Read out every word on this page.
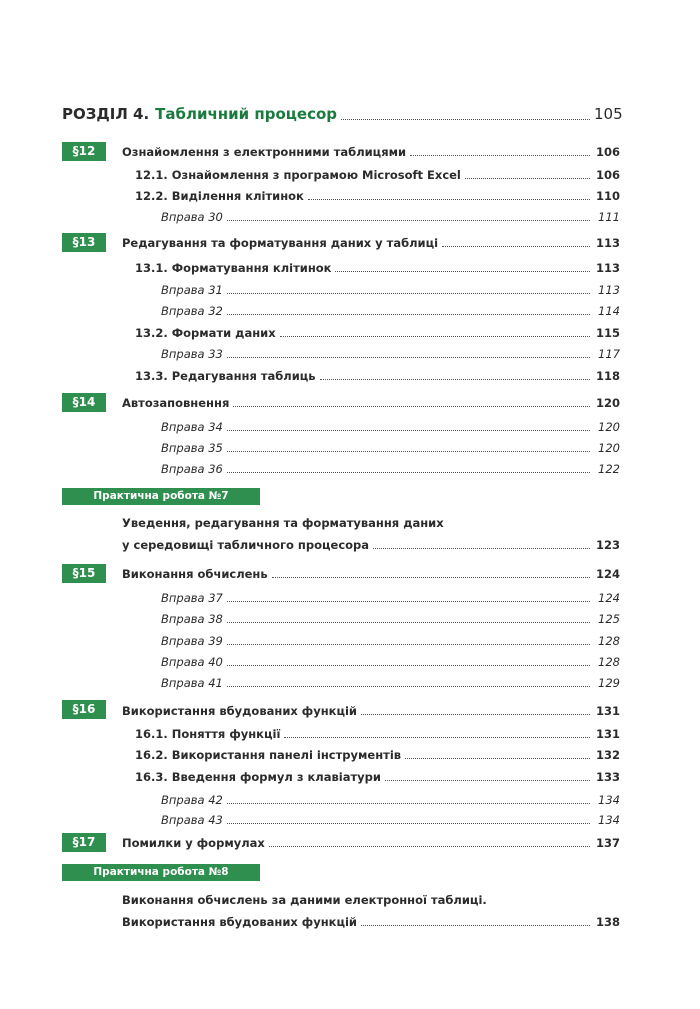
РОЗДІЛ 4. Табличний процесор	105
§12	Ознайомлення з електронними таблицями	106
12.1. Ознайомлення з програмою Microsoft Excel	106
12.2. Виділення клітинок	110
Вправа 30	111
§13	Редагування та форматування даних у таблиці	113
13.1. Форматування клітинок	113
Вправа 31	113
Вправа 32	114
13.2. Формати даних	115
Вправа 33	117
13.3. Редагування таблиць	118
§14	Автозаповнення	120
Вправа 34	120
Вправа 35	120
Вправа 36	122
Практична робота №7
Уведення, редагування та форматування даних
у середовищі табличного процесора	123
§15	Виконання обчислень	124
Вправа 37	124
Вправа 38	125
Вправа 39	128
Вправа 40	128
Вправа 41	129
§16	Використання вбудованих функцій	131
16.1. Поняття функції	131
16.2. Використання панелі інструментів	132
16.3. Введення формул з клавіатури	133
Вправа 42	134
Вправа 43	134
§17	Помилки у формулах	137
Практична робота №8
Виконання обчислень за даними електронної таблиці.
Використання вбудованих функцій	138
